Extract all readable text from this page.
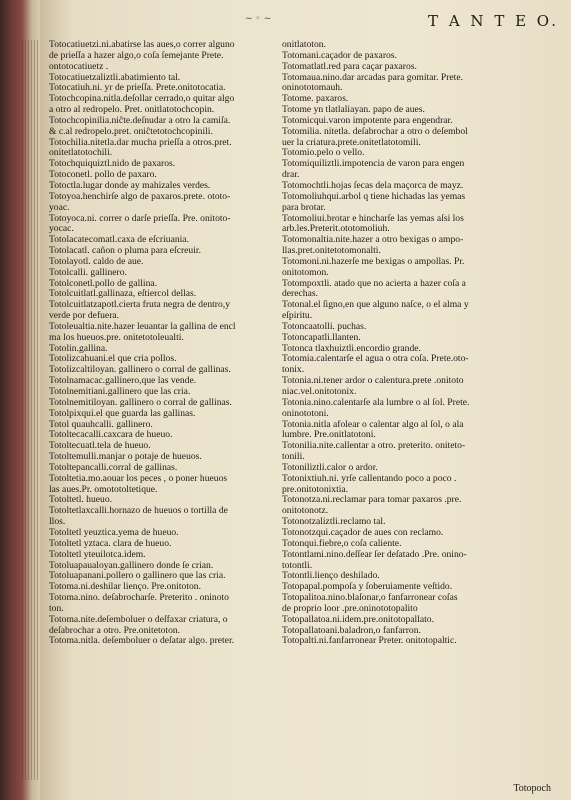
~ ◦ ~	T A N T E O.
Totocatiuetzi.ni.abatirse las aues,o correr alguno
de prieſſa a hazer algo,o coſa ſemejante Prete.
ontotocatiuetz .
Totocatiuetzaliztli.abatimiento tal.
Totocatiuh.ni. yr de prieſſa. Prete.onitotocatia.
Totochcopina.nitla.deſollar cerrado,o quitar algo
a otro al redropelo. Pret. onitlatotochcopin.
Totochcopinilia.niĉte.deſnudar a otro la camiſa.
& c.al redropelo.pret. oniĉtetotochcopinili.
Totochilia.nitetla.dar mucha prieſſa a otros.pret.
onitetlatotochili.
Totochquiquiztl.nido de paxaros.
Totoconetl. pollo de paxaro.
Totoctla.lugar donde ay mahizales verdes.
Totoyoa.henchirſe algo de paxaros.prete. ototo-
yoac.
Totoyoca.ni. correr o darſe prieſſa. Pre. onitoto-
yocac.
Totolacatecomatl.caxa de eſcriuania.
Totolacatl. cañon o pluma para eſcreuir.
Totolayotl. caldo de aue.
Totolcalli. gallinero.
Totolconetl.pollo de gallina.
Totolcuitlatl.gallinaza, eſtiercol dellas.
Totolcuitlatzapotl.cierta fruta negra de dentro,y
verde por defuera.
Totoleualtia.nite.hazer leuantar la gallina de encl
ma los hueuos.pre. onitetotoleualti.
Totolin.gallina.
Totolizcahuani.el que cria pollos.
Totolizcaltiloyan. gallinero o corral de gallinas.
Totolnamacac.gallinero,que las vende.
Totolnemitiani.gallinero que las cria.
Totolnemitiloyan. gallinero o corral de gallinas.
Totolpixqui.el que guarda las gallinas.
Totol quauhcalli. gallinero.
Totoltecacalli.caxcara de hueuo.
Totoltecuatl.tela de hueuo.
Totoltemulli.manjar o potaje de hueuos.
Totoltepancalli.corral de gallinas.
Totoltetia.mo.aouar los peces , o poner hueuos
las aues.Pr. omototoltetique.
Totoltetl. hueuo.
Totoltetlaxcalli.hornazo de hueuos o tortilla de
llos.
Totoltetl yeuztica.yema de hueuo.
Totoltetl yztaca. clara de hueuo.
Totoltetl yteuilotca.idem.
Totoluapaualoyan.gallinero donde ſe crian.
Totoluapanani.pollero o gallinero que las cria.
Totoma.ni.deshilar lienço. Pre.onitoton.
Totoma.nino. deſabrocharſe. Preterito . oninoto
ton.
Totoma.nite.deſemboluer o deſfaxar criatura, o
deſabrochar a otro. Pre.onitetoton.
Totoma.nitla. deſemboluer o deſatar algo. preter.
onitlatoton.
Totomani.caçador de paxaros.
Totomatlatl.red para caçar paxaros.
Totomaua.nino.dar arcadas para gomitar. Prete.
oninototomauh.
Totome. paxaros.
Totome yn tlatlaliayan. papo de aues.
Totomicqui.varon impotente para engendrar.
Totomilia. nitetla. deſabrochar a otro o deſembol
uer la criatura.prete.onitetlatotomili.
Totomio.pelo o vello.
Totomiquiliztli.impotencia de varon para engen
drar.
Totomochtli.hojas ſecas dela maçorca de mayz.
Totomoliuhqui.arbol q tiene hichadas las yemas
para brotar.
Totomoliui.brotar e hincharſe las yemas aſsi los
arb.les.Preterit.ototomoliuh.
Totomonaltia.nite.hazer a otro bexigas o ampo-
llas.pret.onitetotomonalti.
Totomoni.ni.hazerſe me bexigas o ampollas. Pr.
onitotomon.
Totompoxtli. atado que no acierta a hazer coſa a
derechas.
Totonal.el ſigno,en que alguno naſce, o el alma y
eſpiritu.
Totoncaatolli. puchas.
Totoncapatli.llanten.
Totonca tlaxhuiztli.encordio grande.
Totomia.calentarſe el agua o otra coſa. Prete.oto-
tonix.
Totonia.ni.tener ardor o calentura.prete .onitoto
niac.vel.onitotonix.
Totonia.nino.calentarſe ala lumbre o al ſol. Prete.
oninototoni.
Totonia.nitla afolear o calentar algo al ſol, o ala
lumbre. Pre.onitlatotoni.
Totonilia.nite.callentar a otro. preterito. oniteto-
tonili.
Totoniliztli.calor o ardor.
Totonixtiuh.ni. yrſe callentando poco a poco .
pre.onitotonixtia.
Totonotza.ni.reclamar para tomar paxaros .pre.
onitotonotz.
Totonotzaliztli.reclamo tal.
Totonotzqui.caçador de aues con reclamo.
Totonqui.fiebre,o coſa caliente.
Totontlami.nino.deſſear ſer deſatado .Pre. onino-
totontli.
Totontli.lienço deshilado.
Totopapal.pompoſa y ſoberuiamente veſtido.
Totopalitoa.nino.blaſonar,o fanfarronear coſas
de proprio loor .pre.oninototopalito
Totopallatoa.ni.idem.pre.onitotopallato.
Totopallatoani.baladron,o fanfarron.
Totopalti.ni.fanfarronear Preter. onitotopaltic.
Totopoch
